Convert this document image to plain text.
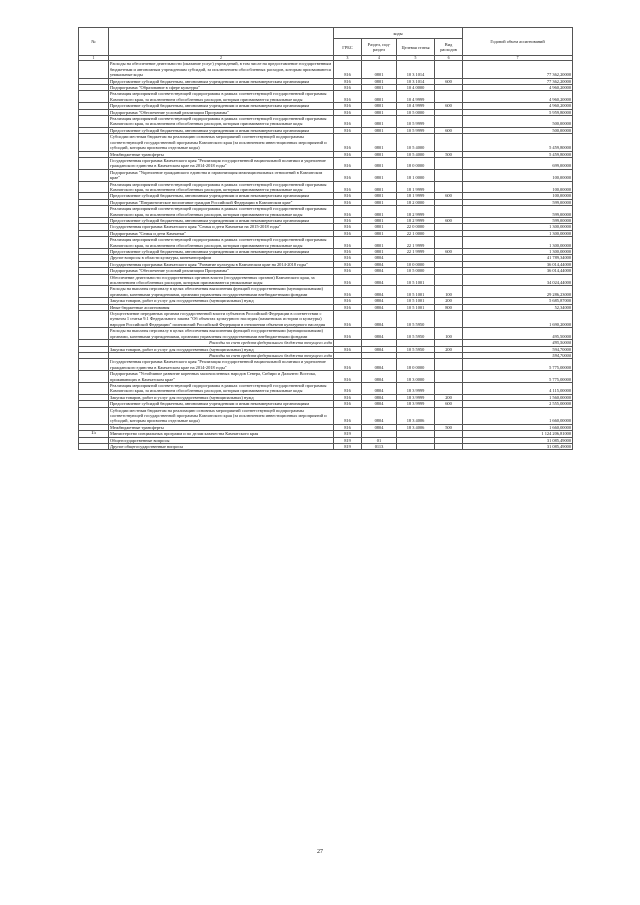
№		коды				Годовой объем ассигнований
		ГРБС	Раздел, под-раздел	Целевая статья	Вид расходов	
1	2	3	4	5	6	7
	Расходы на обеспечение деятельности (оказание услуг) учреждений, в том числе на предоставление государственным бюджетным и автономным учреждениям субсидий, за исключением обособленных расходов, которым присваиваются уникальные коды	816	0801	10 3 1014		77 362,20000
	Предоставление субсидий бюджетным, автономным учреждениям и иным некоммерческим организациям	816	0801	10 3 1014	600	77 362,20000
	Подпрограмма "Образование в сфере культуры"	816	0801	10 4 0000		4 960,20000
	Реализация мероприятий соответствующей подпрограммы в рамках соответствующей государственной программы Камчатского края, за исключением обособленных расходов, которым присваиваются уникальные коды	816	0801	10 4 9999		4 960,20000
	Предоставление субсидий бюджетным, автономным учреждениям и иным некоммерческим организациям	816	0801	10 4 9999	600	4 960,20000
	Подпрограмма "Обеспечение условий реализации Программы"	816	0801	10 5 0000		5 959,80000
	Реализация мероприятий соответствующей подпрограммы в рамках соответствующей государственной программы Камчатского края, за исключением обособленных расходов, которым присваиваются уникальные коды	816	0801	10 5 9999		500,00000
	Предоставление субсидий бюджетным, автономным учреждениям и иным некоммерческим организациям	816	0801	10 5 9999	600	500,00000
	Субсидии местным бюджетам на реализацию основных мероприятий соответствующей подпрограммы соответствующей государственной программы Камчатского края (за исключением инвестиционных мероприятий и субсидий, которым присвоены отдельные коды)	816	0801	10 5 4000		5 459,80000
	Межбюджетные трансферты	816	0801	10 5 4000	500	5 459,80000
	Государственная программа Камчатского края "Реализация государственной национальной политики и укрепление гражданского единства в Камчатском крае на 2014-2018 годы"	816	0801	18 0 0000		699,00000
	Подпрограмма "Укрепление гражданского единства и гармонизация межнациональных отношений в Камчатском крае"	816	0801	18 1 0000		100,00000
	Реализация мероприятий соответствующей подпрограммы в рамках соответствующей государственной программы Камчатского края, за исключением обособленных расходов, которым присваиваются уникальные коды	816	0801	18 1 9999		100,00000
	Предоставление субсидий бюджетным, автономным учреждениям и иным некоммерческим организациям	816	0801	18 1 9999	600	100,00000
	Подпрограмма "Патриотическое воспитание граждан Российской Федерации в Камчатском крае"	816	0801	18 2 0000		599,00000
	Реализация мероприятий соответствующей подпрограммы в рамках соответствующей государственной программы Камчатского края, за исключением обособленных расходов, которым присваиваются уникальные коды	816	0801	18 2 9999		599,00000
	Предоставление субсидий бюджетным, автономным учреждениям и иным некоммерческим организациям	816	0801	18 2 9999	600	599,00000
	Государственная программа Камчатского края "Семья и дети Камчатки на 2015-2018 годы"	816	0801	22 0 0000		1 300,00000
	Подпрограмма "Семья и дети Камчатки"	816	0801	22 1 0000		1 300,00000
	Реализация мероприятий соответствующей подпрограммы в рамках соответствующей государственной программы Камчатского края, за исключением обособленных расходов, которым присваиваются уникальные коды	816	0801	22 1 9999		1 300,00000
	Предоставление субсидий бюджетным, автономным учреждениям и иным некоммерческим организациям	816	0801	22 1 9999	600	1 300,00000
	Другие вопросы в области культуры, кинематографии	816	0804			41 789,34000
	Государственная программа Камчатского края "Развитие культуры в Камчатском крае на 2014-2018 годы"	816	0804	10 0 0000		36 014,44000
	Подпрограмма "Обеспечение условий реализации Программы"	816	0804	10 5 0000		36 014,44000
	Обеспечение деятельности государственных органов власти (государственных органов) Камчатского края, за исключением обособленных расходов, которым присваиваются уникальные коды	816	0804	10 5 1001		34 024,44000
	Расходы на выплаты персоналу в целях обеспечения выполнения функций государственными (муниципальными) органами, казенными учреждениями, органами управления государственными внебюджетными фондами	816	0804	10 5 1001	100	29 286,23000
	Закупка товаров, работ и услуг для государственных (муниципальных) нужд	816	0804	10 5 1001	200	5 685,87000
	Иные бюджетные ассигнования	816	0804	10 5 1001	800	52,34000
	Осуществление переданных органам государственной власти субъектов Российской Федерации в соответствии с пунктом 1 статьи 9.1 Федерального закона "Об объектах культурного наследия (памятниках истории и культуры) народов Российской Федерации" полномочий Российской Федерации в отношении объектов культурного наследия	816	0804	10 5 5950		1 690,20000
	Расходы на выплаты персоналу в целях обеспечения выполнения функций государственными (муниципальными) органами, казенными учреждениями, органами управления государственными внебюджетными фондами	816	0804	10 5 5950	100	495,50000
	Расходы за счет средств федерального бюджета текущего года					495,50000
	Закупка товаров, работ и услуг для государственных (муниципальных) нужд	816	0804	10 5 5950	200	594,70000
	Расходы за счет средств федерального бюджета текущего года					594,70000
	Государственная программа Камчатского края "Реализация государственной национальной политики и укрепление гражданского единства в Камчатском крае на 2014-2018 годы"	816	0804	18 0 0000		5 775,00000
	Подпрограмма "Устойчивое развитие коренных малочисленных народов Севера, Сибири и Дальнего Востока, проживающих в Камчатском крае"	816	0804	18 3 0000		5 775,00000
	Реализация мероприятий соответствующей подпрограммы в рамках соответствующей государственной программы Камчатского края, за исключением обособленных расходов, которым присваиваются уникальные коды	816	0804	18 3 9999		4 115,00000
	Закупка товаров, работ и услуг для государственных (муниципальных) нужд	816	0804	18 3 9999	200	1 560,00000
	Предоставление субсидий бюджетным, автономным учреждениям и иным некоммерческим организациям	816	0804	18 3 9999	600	2 555,00000
	Субсидии местным бюджетам на реализацию основных мероприятий соответствующей подпрограммы соответствующей государственной программы Камчатского края (за исключением инвестиционных мероприятий и субсидий, которым присвоены отдельные коды)	816	0804	18 3 4006		1 660,00000
	Межбюджетные трансферты	816	0804	18 3 4006	500	1 660,00000
15	Министерство специальных программ и по делам казачества Камчатского края	819				1 124 206,81000
	Общегосударственные вопросы	819	01			31 085,49000
	Другие общегосударственные вопросы	819	0113			31 085,49000
27
